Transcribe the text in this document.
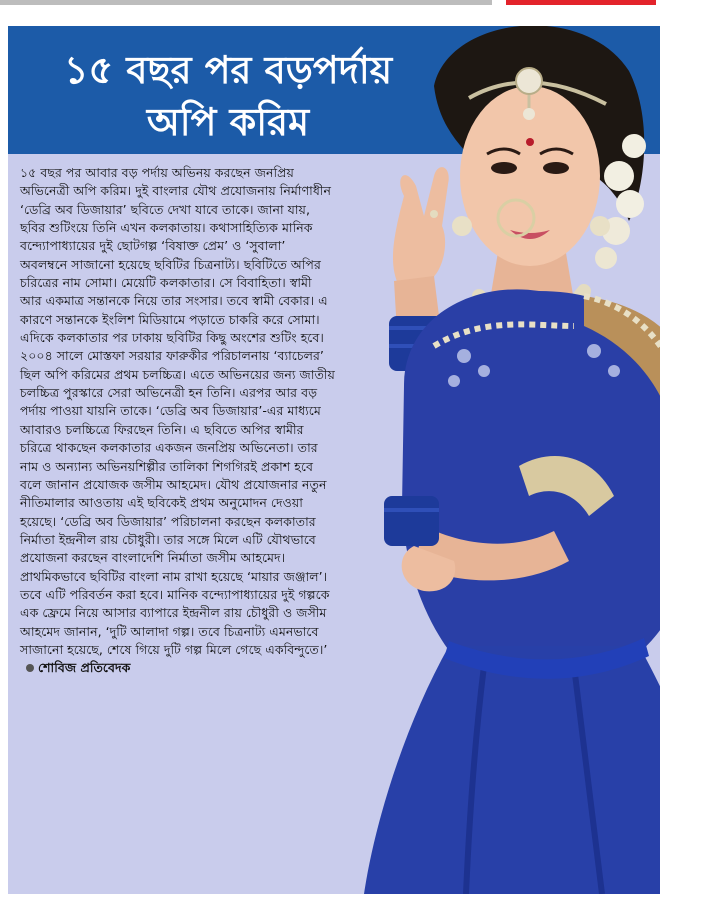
১৫ বছর পর বড়পর্দায়
অপি করিম

১৫ বছর পর আবার বড় পর্দায় অভিনয় করছেন জনপ্রিয় অভিনেত্রী অপি করিম। দুই বাংলার যৌথ প্রযোজনায় নির্মাণাধীন ‘ডেব্রি অব ডিজায়ার’ ছবিতে দেখা যাবে তাকে। জানা যায়, ছবির শুটিংয়ে তিনি এখন কলকাতায়। কথাসাহিত্যিক মানিক বন্দ্যোপাধ্যায়ের দুই ছোটগল্প ‘বিষাক্ত প্রেম’ ও ‘সুবালা’ অবলম্বনে সাজানো হয়েছে ছবিটির চিত্রনাট্য। ছবিটিতে অপির চরিত্রের নাম সোমা। মেয়েটি কলকাতার। সে বিবাহিতা। স্বামী আর একমাত্র সন্তানকে নিয়ে তার সংসার। তবে স্বামী বেকার। এ কারণে সন্তানকে ইংলিশ মিডিয়ামে পড়াতে চাকরি করে সোমা। এদিকে কলকাতার পর ঢাকায় ছবিটির কিছু অংশের শুটিং হবে। ২০০৪ সালে মোস্তফা সরয়ার ফারুকীর পরিচালনায় ‘ব্যাচেলর’ ছিল অপি করিমের প্রথম চলচ্চিত্র। এতে অভিনয়ের জন্য জাতীয় চলচ্চিত্র পুরস্কারে সেরা অভিনেত্রী হন তিনি। এরপর আর বড় পর্দায় পাওয়া যায়নি তাকে। ‘ডেব্রি অব ডিজায়ার’-এর মাধ্যমে আবারও চলচ্চিত্রে ফিরছেন তিনি। এ ছবিতে অপির স্বামীর চরিত্রে থাকছেন কলকাতার একজন জনপ্রিয় অভিনেতা। তার নাম ও অন্যান্য অভিনয়শিল্পীর তালিকা শিগগিরই প্রকাশ হবে বলে জানান প্রযোজক জসীম আহমেদ। যৌথ প্রযোজনার নতুন নীতিমালার আওতায় এই ছবিকেই প্রথম অনুমোদন দেওয়া হয়েছে। ‘ডেব্রি অব ডিজায়ার’ পরিচালনা করছেন কলকাতার নির্মাতা ইন্দ্রনীল রায় চৌধুরী। তার সঙ্গে মিলে এটি যৌথভাবে প্রযোজনা করছেন বাংলাদেশি নির্মাতা জসীম আহমেদ। প্রাথমিকভাবে ছবিটির বাংলা নাম রাখা হয়েছে ‘মায়ার জঞ্জাল’। তবে এটি পরিবর্তন করা হবে। মানিক বন্দ্যোপাধ্যায়ের দুই গল্পকে এক ফ্রেমে নিয়ে আসার ব্যাপারে ইন্দ্রনীল রায় চৌধুরী ও জসীম আহমেদ জানান, ‘দুটি আলাদা গল্প। তবে চিত্রনাট্য এমনভাবে সাজানো হয়েছে, শেষে গিয়ে দুটি গল্প মিলে গেছে একবিন্দুতে।’ শোবিজ প্রতিবেদক
